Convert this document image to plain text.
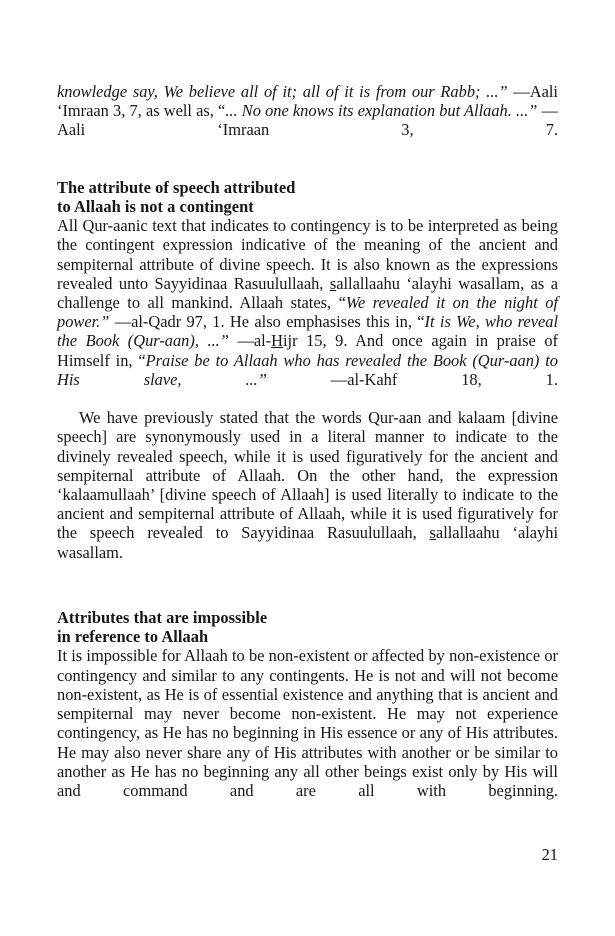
knowledge say, We believe all of it; all of it is from our Rabb; ...” —Aali ‘Imraan 3, 7, as well as, “... No one knows its explanation but Allaah. ...” —Aali ‘Imraan 3, 7.

The attribute of speech attributed
to Allaah is not a contingent

All Qur-aanic text that indicates to contingency is to be interpreted as being the contingent expression indicative of the meaning of the ancient and sempiternal attribute of divine speech. It is also known as the expressions revealed unto Sayyidinaa Rasuulullaah, sallallaahu ʻalayhi wasallam, as a challenge to all mankind. Allaah states, “We revealed it on the night of power.” —al-Qadr 97, 1. He also emphasises this in, “It is We, who reveal the Book (Qur-aan), ...” —al-Hijr 15, 9. And once again in praise of Himself in, “Praise be to Allaah who has revealed the Book (Qur-aan) to His slave, ...” —al-Kahf 18, 1.

We have previously stated that the words Qur-aan and kalaam [divine speech] are synonymously used in a literal manner to indicate to the divinely revealed speech, while it is used figuratively for the ancient and sempiternal attribute of Allaah. On the other hand, the expression ‘kalaamullaah’ [divine speech of Allaah] is used literally to indicate to the ancient and sempiternal attribute of Allaah, while it is used figuratively for the speech revealed to Sayyidinaa Rasuulullaah, sallallaahu ʻalayhi wasallam.

Attributes that are impossible
in reference to Allaah

It is impossible for Allaah to be non-existent or affected by non-existence or contingency and similar to any contingents. He is not and will not become non-existent, as He is of essential existence and anything that is ancient and sempiternal may never become non-existent. He may not experience contingency, as He has no beginning in His essence or any of His attributes. He may also never share any of His attributes with another or be similar to another as He has no beginning any all other beings exist only by His will and command and are all with beginning.

21
